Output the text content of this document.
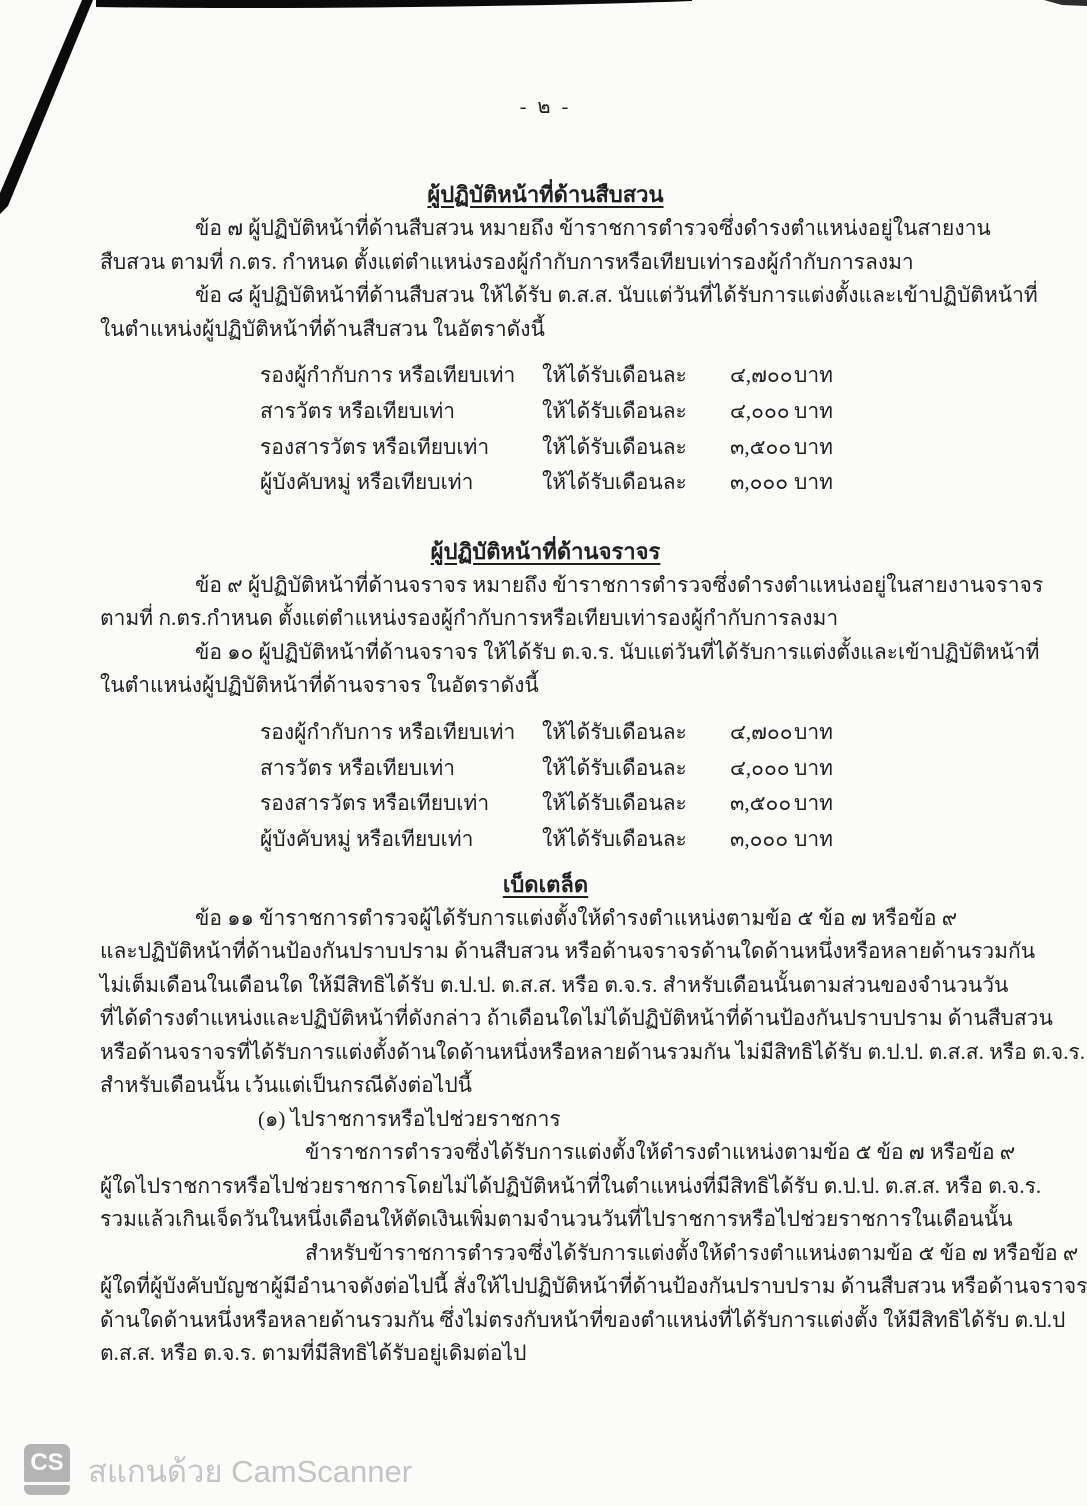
- ๒ -
ผู้ปฏิบัติหน้าที่ด้านสืบสวน
ข้อ ๗ ผู้ปฏิบัติหน้าที่ด้านสืบสวน หมายถึง ข้าราชการตำรวจซึ่งดำรงตำแหน่งอยู่ในสายงาน
สืบสวน ตามที่ ก.ตร. กำหนด ตั้งแต่ตำแหน่งรองผู้กำกับการหรือเทียบเท่ารองผู้กำกับการลงมา
ข้อ ๘ ผู้ปฏิบัติหน้าที่ด้านสืบสวน ให้ได้รับ ต.ส.ส. นับแต่วันที่ได้รับการแต่งตั้งและเข้าปฏิบัติหน้าที่
ในตำแหน่งผู้ปฏิบัติหน้าที่ด้านสืบสวน ในอัตราดังนี้
รองผู้กำกับการ หรือเทียบเท่า	ให้ได้รับเดือนละ	๔,๗๐๐ บาท
สารวัตร หรือเทียบเท่า	ให้ได้รับเดือนละ	๔,๐๐๐ บาท
รองสารวัตร หรือเทียบเท่า	ให้ได้รับเดือนละ	๓,๕๐๐ บาท
ผู้บังคับหมู่ หรือเทียบเท่า	ให้ได้รับเดือนละ	๓,๐๐๐ บาท
ผู้ปฏิบัติหน้าที่ด้านจราจร
ข้อ ๙ ผู้ปฏิบัติหน้าที่ด้านจราจร หมายถึง ข้าราชการตำรวจซึ่งดำรงตำแหน่งอยู่ในสายงานจราจร
ตามที่ ก.ตร.กำหนด ตั้งแต่ตำแหน่งรองผู้กำกับการหรือเทียบเท่ารองผู้กำกับการลงมา
ข้อ ๑๐ ผู้ปฏิบัติหน้าที่ด้านจราจร ให้ได้รับ ต.จ.ร. นับแต่วันที่ได้รับการแต่งตั้งและเข้าปฏิบัติหน้าที่
ในตำแหน่งผู้ปฏิบัติหน้าที่ด้านจราจร ในอัตราดังนี้
รองผู้กำกับการ หรือเทียบเท่า	ให้ได้รับเดือนละ	๔,๗๐๐ บาท
สารวัตร หรือเทียบเท่า	ให้ได้รับเดือนละ	๔,๐๐๐ บาท
รองสารวัตร หรือเทียบเท่า	ให้ได้รับเดือนละ	๓,๕๐๐ บาท
ผู้บังคับหมู่ หรือเทียบเท่า	ให้ได้รับเดือนละ	๓,๐๐๐ บาท
เบ็ดเตล็ด
ข้อ ๑๑ ข้าราชการตำรวจผู้ได้รับการแต่งตั้งให้ดำรงตำแหน่งตามข้อ ๕ ข้อ ๗ หรือข้อ ๙
และปฏิบัติหน้าที่ด้านป้องกันปราบปราม ด้านสืบสวน หรือด้านจราจรด้านใดด้านหนึ่งหรือหลายด้านรวมกัน
ไม่เต็มเดือนในเดือนใด ให้มีสิทธิได้รับ ต.ป.ป. ต.ส.ส. หรือ ต.จ.ร. สำหรับเดือนนั้นตามส่วนของจำนวนวัน
ที่ได้ดำรงตำแหน่งและปฏิบัติหน้าที่ดังกล่าว ถ้าเดือนใดไม่ได้ปฏิบัติหน้าที่ด้านป้องกันปราบปราม ด้านสืบสวน
หรือด้านจราจรที่ได้รับการแต่งตั้งด้านใดด้านหนึ่งหรือหลายด้านรวมกัน ไม่มีสิทธิได้รับ ต.ป.ป. ต.ส.ส. หรือ ต.จ.ร.
สำหรับเดือนนั้น เว้นแต่เป็นกรณีดังต่อไปนี้
(๑) ไปราชการหรือไปช่วยราชการ
ข้าราชการตำรวจซึ่งได้รับการแต่งตั้งให้ดำรงตำแหน่งตามข้อ ๕ ข้อ ๗ หรือข้อ ๙
ผู้ใดไปราชการหรือไปช่วยราชการโดยไม่ได้ปฏิบัติหน้าที่ในตำแหน่งที่มีสิทธิได้รับ ต.ป.ป. ต.ส.ส. หรือ ต.จ.ร.
รวมแล้วเกินเจ็ดวันในหนึ่งเดือนให้ตัดเงินเพิ่มตามจำนวนวันที่ไปราชการหรือไปช่วยราชการในเดือนนั้น
สำหรับข้าราชการตำรวจซึ่งได้รับการแต่งตั้งให้ดำรงตำแหน่งตามข้อ ๕ ข้อ ๗ หรือข้อ ๙
ผู้ใดที่ผู้บังคับบัญชาผู้มีอำนาจดังต่อไปนี้ สั่งให้ไปปฏิบัติหน้าที่ด้านป้องกันปราบปราม ด้านสืบสวน หรือด้านจราจร
ด้านใดด้านหนึ่งหรือหลายด้านรวมกัน ซึ่งไม่ตรงกับหน้าที่ของตำแหน่งที่ได้รับการแต่งตั้ง ให้มีสิทธิได้รับ ต.ป.ป
ต.ส.ส. หรือ ต.จ.ร. ตามที่มีสิทธิได้รับอยู่เดิมต่อไป
CS สแกนด้วย CamScanner
